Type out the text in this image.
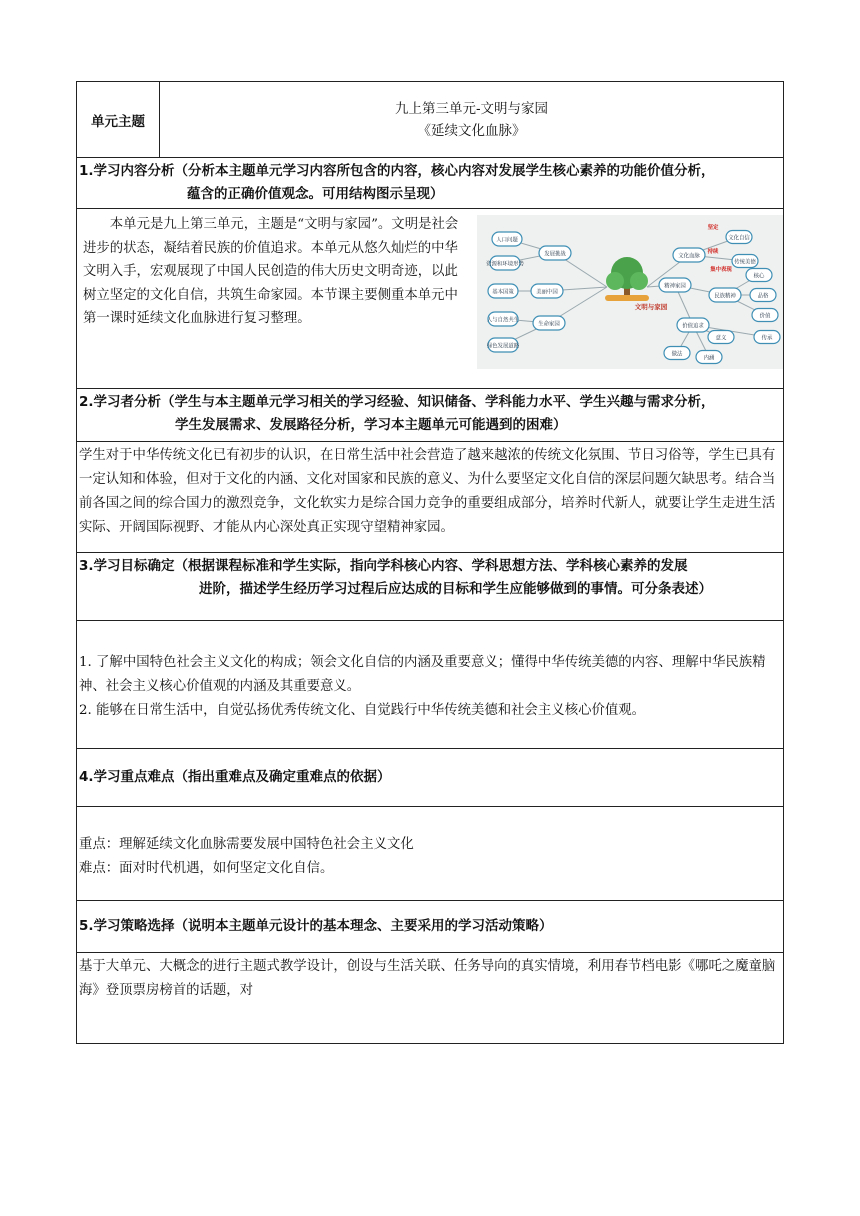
单元主题
九上第三单元-文明与家园
《延续文化血脉》
1.学习内容分析（分析本主题单元学习内容所包含的内容，核心内容对发展学生核心素养的功能价值分析，
蕴含的正确价值观念。可用结构图示呈现）
本单元是九上第三单元，主题是“文明与家园”。文明是社会进步的状态，凝结着民族的价值追求。本单元从悠久灿烂的中华文明入手，宏观展现了中国人民创造的伟大历史文明奇迹，以此树立坚定的文化自信，共筑生命家园。本节课主要侧重本单元中第一课时延续文化血脉进行复习整理。
人口问题
资源和环境形势
基本国策
人与自然共生
绿色发展道路
美丽中国
发展挑战
生命家园
文化自信
传统美德
核心
品格
价值
传承
意义
内涵
做法
文化血脉
精神家园
民族精神
价值追求
坚定
持续
集中表现
文明与家园
2.学习者分析（学生与本主题单元学习相关的学习经验、知识储备、学科能力水平、学生兴趣与需求分析，
学生发展需求、发展路径分析，学习本主题单元可能遇到的困难）
学生对于中华传统文化已有初步的认识，在日常生活中社会营造了越来越浓的传统文化氛围、节日习俗等，学生已具有一定认知和体验，但对于文化的内涵、文化对国家和民族的意义、为什么要坚定文化自信的深层问题欠缺思考。结合当前各国之间的综合国力的激烈竞争，文化软实力是综合国力竞争的重要组成部分，培养时代新人，就要让学生走进生活实际、开阔国际视野、才能从内心深处真正实现守望精神家园。
3.学习目标确定（根据课程标准和学生实际，指向学科核心内容、学科思想方法、学科核心素养的发展
进阶，描述学生经历学习过程后应达成的目标和学生应能够做到的事情。可分条表述）
1. 了解中国特色社会主义文化的构成；领会文化自信的内涵及重要意义；懂得中华传统美德的内容、理解中华民族精神、社会主义核心价值观的内涵及其重要意义。
2. 能够在日常生活中，自觉弘扬优秀传统文化、自觉践行中华传统美德和社会主义核心价值观。
4.学习重点难点（指出重难点及确定重难点的依据）
重点：理解延续文化血脉需要发展中国特色社会主义文化
难点：面对时代机遇，如何坚定文化自信。
5.学习策略选择（说明本主题单元设计的基本理念、主要采用的学习活动策略）
基于大单元、大概念的进行主题式教学设计，创设与生活关联、任务导向的真实情境，利用春节档电影《哪吒之魔童脑海》登顶票房榜首的话题，对
